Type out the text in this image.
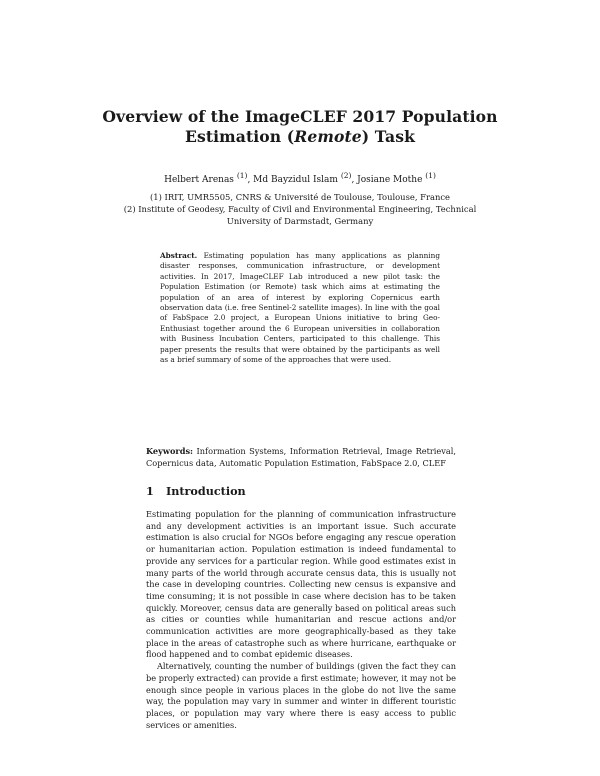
Overview of the ImageCLEF 2017 Population
Estimation (Remote) Task
Helbert Arenas $^{(1)}$, Md Bayzidul Islam $^{(2)}$, Josiane Mothe $^{(1)}$
(1) IRIT, UMR5505, CNRS & Université de Toulouse, Toulouse, France
(2) Institute of Geodesy, Faculty of Civil and Environmental Engineering, Technical
University of Darmstadt, Germany
Abstract. Estimating population has many applications as planning disaster responses, communication infrastructure, or development activities. In 2017, ImageCLEF Lab introduced a new pilot task: the Population Estimation (or Remote) task which aims at estimating the population of an area of interest by exploring Copernicus earth observation data (i.e. free Sentinel-2 satellite images). In line with the goal of FabSpace 2.0 project, a European Unions initiative to bring Geo-Enthusiast together around the 6 European universities in collaboration with Business Incubation Centers, participated to this challenge. This paper presents the results that were obtained by the participants as well as a brief summary of some of the approaches that were used.
Keywords: Information Systems, Information Retrieval, Image Retrieval, Copernicus data, Automatic Population Estimation, FabSpace 2.0, CLEF
1 Introduction

Estimating population for the planning of communication infrastructure and any development activities is an important issue. Such accurate estimation is also crucial for NGOs before engaging any rescue operation or humanitarian action. Population estimation is indeed fundamental to provide any services for a particular region. While good estimates exist in many parts of the world through accurate census data, this is usually not the case in developing countries. Collecting new census is expansive and time consuming; it is not possible in case where decision has to be taken quickly. Moreover, census data are generally based on political areas such as cities or counties while humanitarian and rescue actions and/or communication activities are more geographically-based as they take place in the areas of catastrophe such as where hurricane, earthquake or flood happened and to combat epidemic diseases.

Alternatively, counting the number of buildings (given the fact they can be properly extracted) can provide a first estimate; however, it may not be enough since people in various places in the globe do not live the same way, the population may vary in summer and winter in different touristic places, or population may vary where there is easy access to public services or amenities.
